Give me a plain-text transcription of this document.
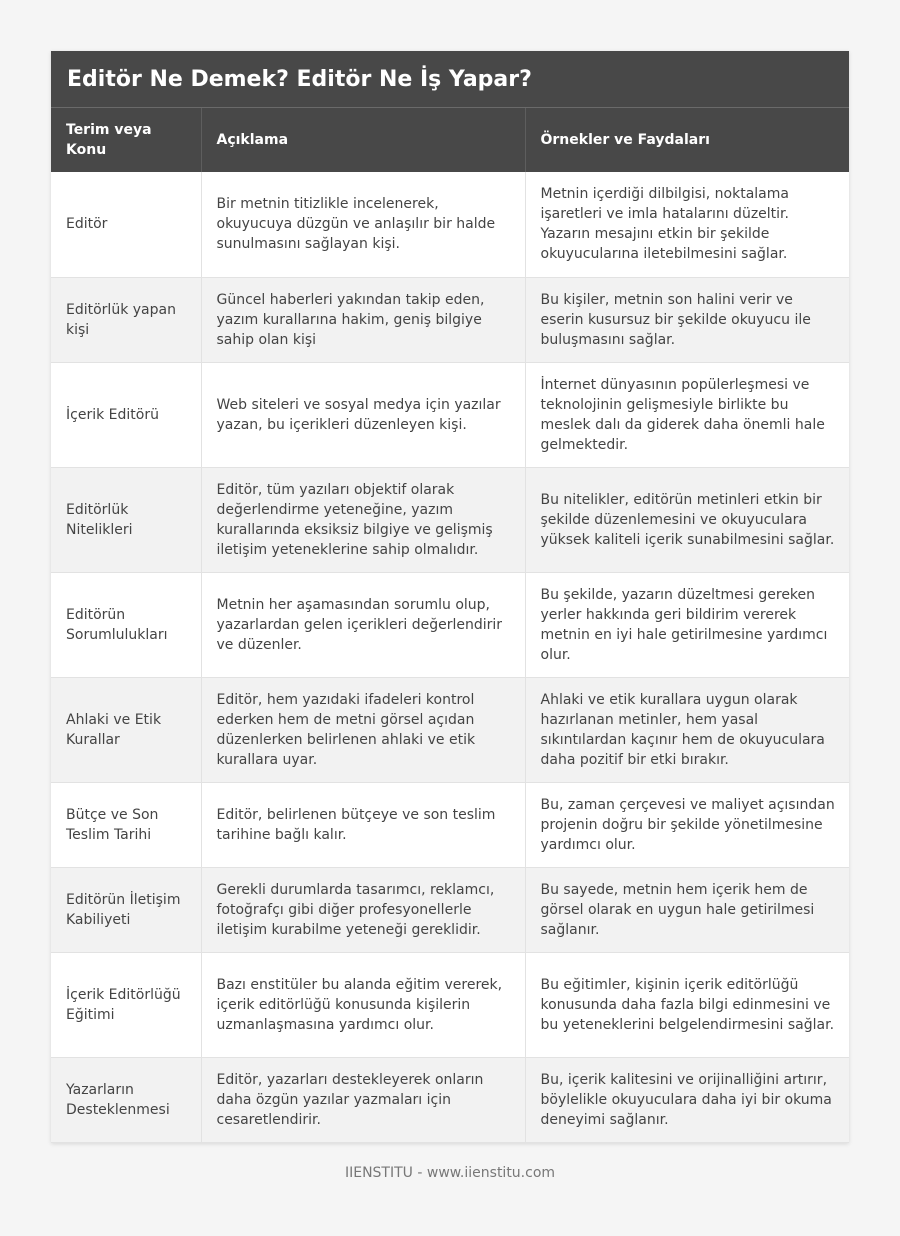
Editör Ne Demek? Editör Ne İş Yapar?
Terim veya Konu	Açıklama	Örnekler ve Faydaları
Editör	Bir metnin titizlikle incelenerek, okuyucuya düzgün ve anlaşılır bir halde sunulmasını sağlayan kişi.	Metnin içerdiği dilbilgisi, noktalama işaretleri ve imla hatalarını düzeltir. Yazarın mesajını etkin bir şekilde okuyucularına iletebilmesini sağlar.
Editörlük yapan kişi	Güncel haberleri yakından takip eden, yazım kurallarına hakim, geniş bilgiye sahip olan kişi	Bu kişiler, metnin son halini verir ve eserin kusursuz bir şekilde okuyucu ile buluşmasını sağlar.
İçerik Editörü	Web siteleri ve sosyal medya için yazılar yazan, bu içerikleri düzenleyen kişi.	İnternet dünyasının popülerleşmesi ve teknolojinin gelişmesiyle birlikte bu meslek dalı da giderek daha önemli hale gelmektedir.
Editörlük Nitelikleri	Editör, tüm yazıları objektif olarak değerlendirme yeteneğine, yazım kurallarında eksiksiz bilgiye ve gelişmiş iletişim yeteneklerine sahip olmalıdır.	Bu nitelikler, editörün metinleri etkin bir şekilde düzenlemesini ve okuyuculara yüksek kaliteli içerik sunabilmesini sağlar.
Editörün Sorumlulukları	Metnin her aşamasından sorumlu olup, yazarlardan gelen içerikleri değerlendirir ve düzenler.	Bu şekilde, yazarın düzeltmesi gereken yerler hakkında geri bildirim vererek metnin en iyi hale getirilmesine yardımcı olur.
Ahlaki ve Etik Kurallar	Editör, hem yazıdaki ifadeleri kontrol ederken hem de metni görsel açıdan düzenlerken belirlenen ahlaki ve etik kurallara uyar.	Ahlaki ve etik kurallara uygun olarak hazırlanan metinler, hem yasal sıkıntılardan kaçınır hem de okuyuculara daha pozitif bir etki bırakır.
Bütçe ve Son Teslim Tarihi	Editör, belirlenen bütçeye ve son teslim tarihine bağlı kalır.	Bu, zaman çerçevesi ve maliyet açısından projenin doğru bir şekilde yönetilmesine yardımcı olur.
Editörün İletişim Kabiliyeti	Gerekli durumlarda tasarımcı, reklamcı, fotoğrafçı gibi diğer profesyonellerle iletişim kurabilme yeteneği gereklidir.	Bu sayede, metnin hem içerik hem de görsel olarak en uygun hale getirilmesi sağlanır.
İçerik Editörlüğü Eğitimi	Bazı enstitüler bu alanda eğitim vererek, içerik editörlüğü konusunda kişilerin uzmanlaşmasına yardımcı olur.	Bu eğitimler, kişinin içerik editörlüğü konusunda daha fazla bilgi edinmesini ve bu yeteneklerini belgelendirmesini sağlar.
Yazarların Desteklenmesi	Editör, yazarları destekleyerek onların daha özgün yazılar yazmaları için cesaretlendirir.	Bu, içerik kalitesini ve orijinalliğini artırır, böylelikle okuyuculara daha iyi bir okuma deneyimi sağlanır.
IIENSTITU - www.iienstitu.com
